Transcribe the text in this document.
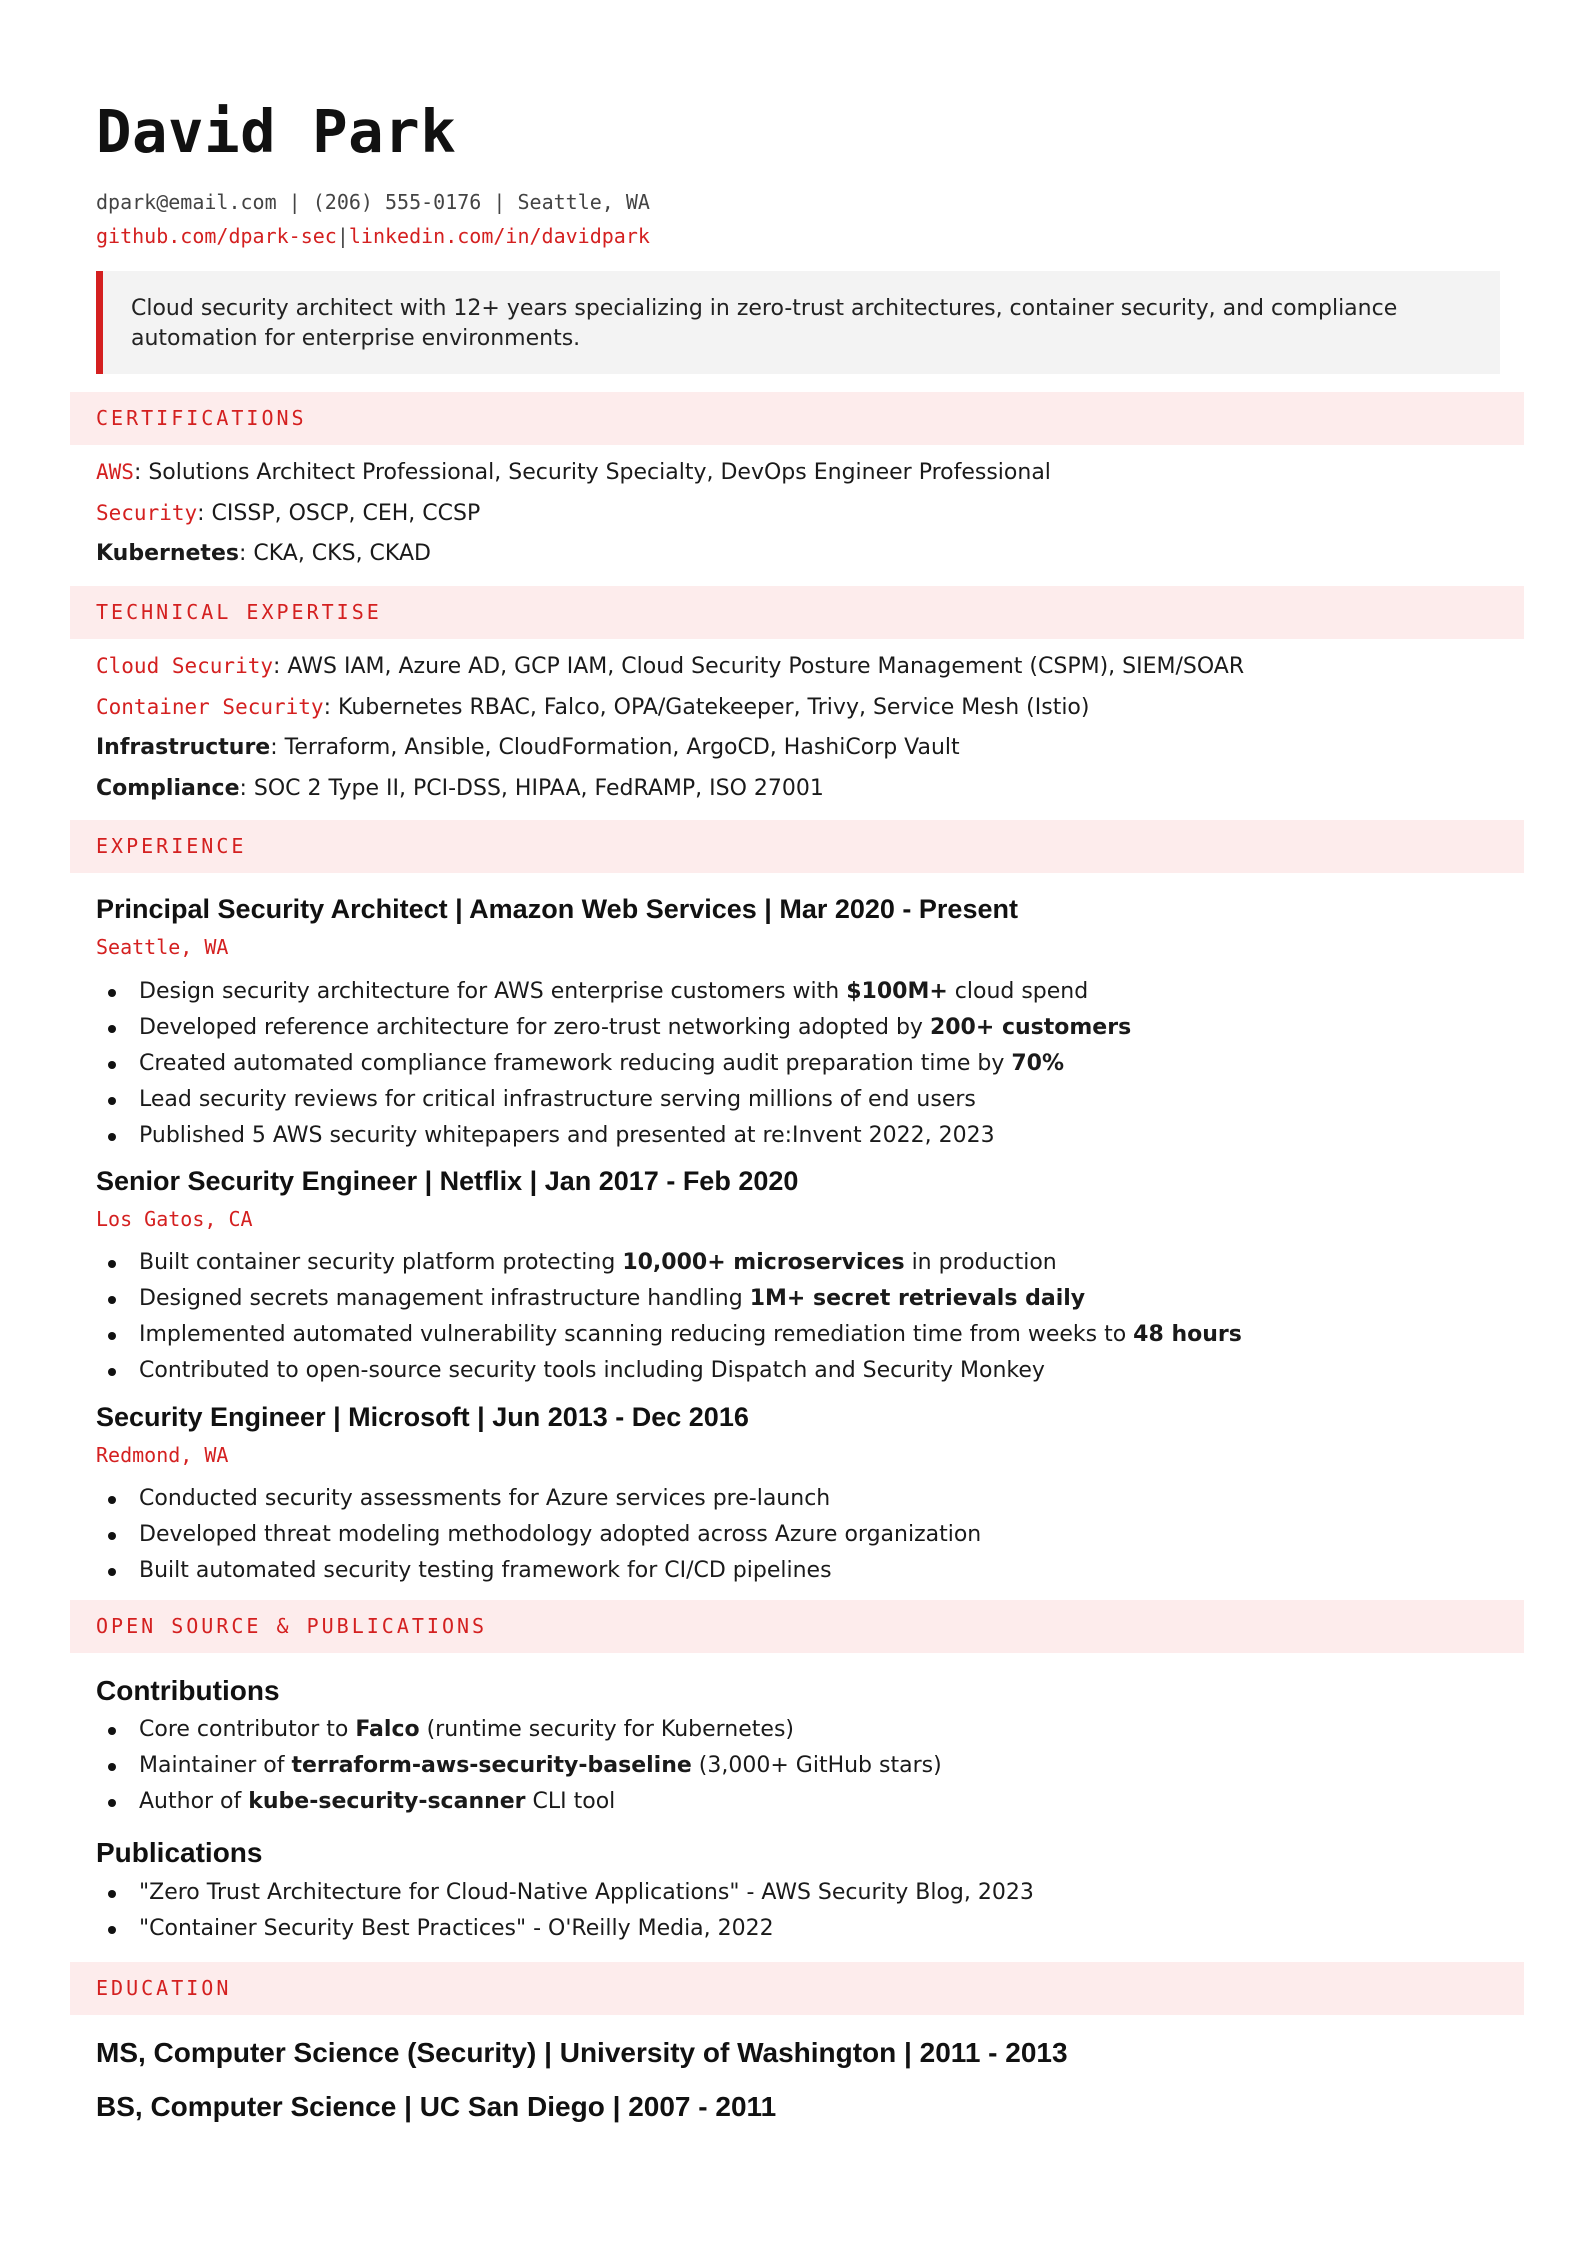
David Park
dpark@email.com | (206) 555-0176 | Seattle, WA
github.com/dpark-sec|linkedin.com/in/davidpark
Cloud security architect with 12+ years specializing in zero-trust architectures, container security, and compliance automation for enterprise environments.
CERTIFICATIONS
AWS: Solutions Architect Professional, Security Specialty, DevOps Engineer Professional
Security: CISSP, OSCP, CEH, CCSP
Kubernetes: CKA, CKS, CKAD
TECHNICAL EXPERTISE
Cloud Security: AWS IAM, Azure AD, GCP IAM, Cloud Security Posture Management (CSPM), SIEM/SOAR
Container Security: Kubernetes RBAC, Falco, OPA/Gatekeeper, Trivy, Service Mesh (Istio)
Infrastructure: Terraform, Ansible, CloudFormation, ArgoCD, HashiCorp Vault
Compliance: SOC 2 Type II, PCI-DSS, HIPAA, FedRAMP, ISO 27001
EXPERIENCE
Principal Security Architect | Amazon Web Services | Mar 2020 - Present
Seattle, WA
Design security architecture for AWS enterprise customers with $100M+ cloud spend
Developed reference architecture for zero-trust networking adopted by 200+ customers
Created automated compliance framework reducing audit preparation time by 70%
Lead security reviews for critical infrastructure serving millions of end users
Published 5 AWS security whitepapers and presented at re:Invent 2022, 2023
Senior Security Engineer | Netflix | Jan 2017 - Feb 2020
Los Gatos, CA
Built container security platform protecting 10,000+ microservices in production
Designed secrets management infrastructure handling 1M+ secret retrievals daily
Implemented automated vulnerability scanning reducing remediation time from weeks to 48 hours
Contributed to open-source security tools including Dispatch and Security Monkey
Security Engineer | Microsoft | Jun 2013 - Dec 2016
Redmond, WA
Conducted security assessments for Azure services pre-launch
Developed threat modeling methodology adopted across Azure organization
Built automated security testing framework for CI/CD pipelines
OPEN SOURCE & PUBLICATIONS
Contributions
Core contributor to Falco (runtime security for Kubernetes)
Maintainer of terraform-aws-security-baseline (3,000+ GitHub stars)
Author of kube-security-scanner CLI tool
Publications
"Zero Trust Architecture for Cloud-Native Applications" - AWS Security Blog, 2023
"Container Security Best Practices" - O'Reilly Media, 2022
EDUCATION
MS, Computer Science (Security) | University of Washington | 2011 - 2013
BS, Computer Science | UC San Diego | 2007 - 2011
